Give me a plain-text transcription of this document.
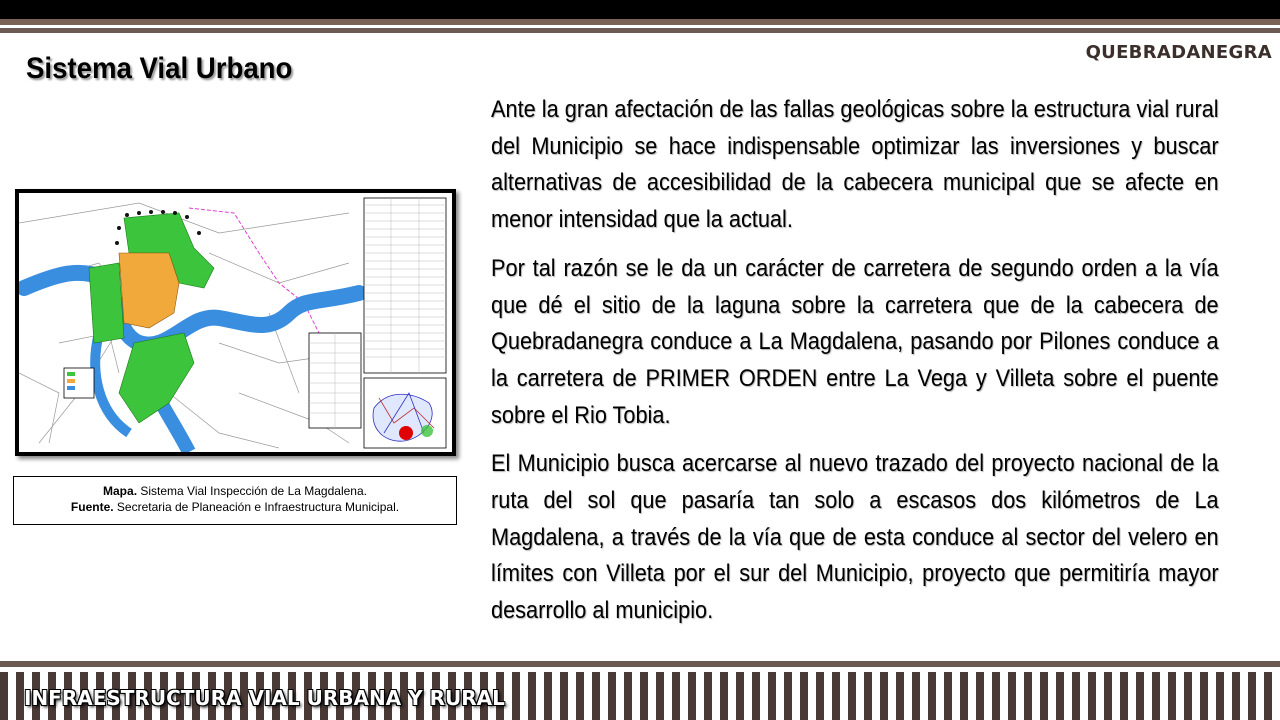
QUEBRADANEGRA
Sistema Vial Urbano
Mapa. Sistema Vial Inspección de La Magdalena.
Fuente. Secretaria de Planeación e Infraestructura Municipal.

Ante la gran afectación de las fallas geológicas sobre la estructura vial rural del Municipio se hace indispensable optimizar las inversiones y buscar alternativas de accesibilidad de la cabecera municipal que se afecte en menor intensidad que la actual.

Por tal razón se le da un carácter de carretera de segundo orden a la vía que dé el sitio de la laguna sobre la carretera que de la cabecera de Quebradanegra conduce a La Magdalena, pasando por Pilones conduce a la carretera de PRIMER ORDEN entre La Vega y Villeta sobre el puente sobre el Rio Tobia.

El Municipio busca acercarse al nuevo trazado del proyecto nacional de la ruta del sol que pasaría tan solo a escasos dos kilómetros de La Magdalena, a través de la vía que de esta conduce al sector del velero en límites con Villeta por el sur del Municipio, proyecto que permitiría mayor desarrollo al municipio.

INFRAESTRUCTURA VIAL URBANA Y RURAL
